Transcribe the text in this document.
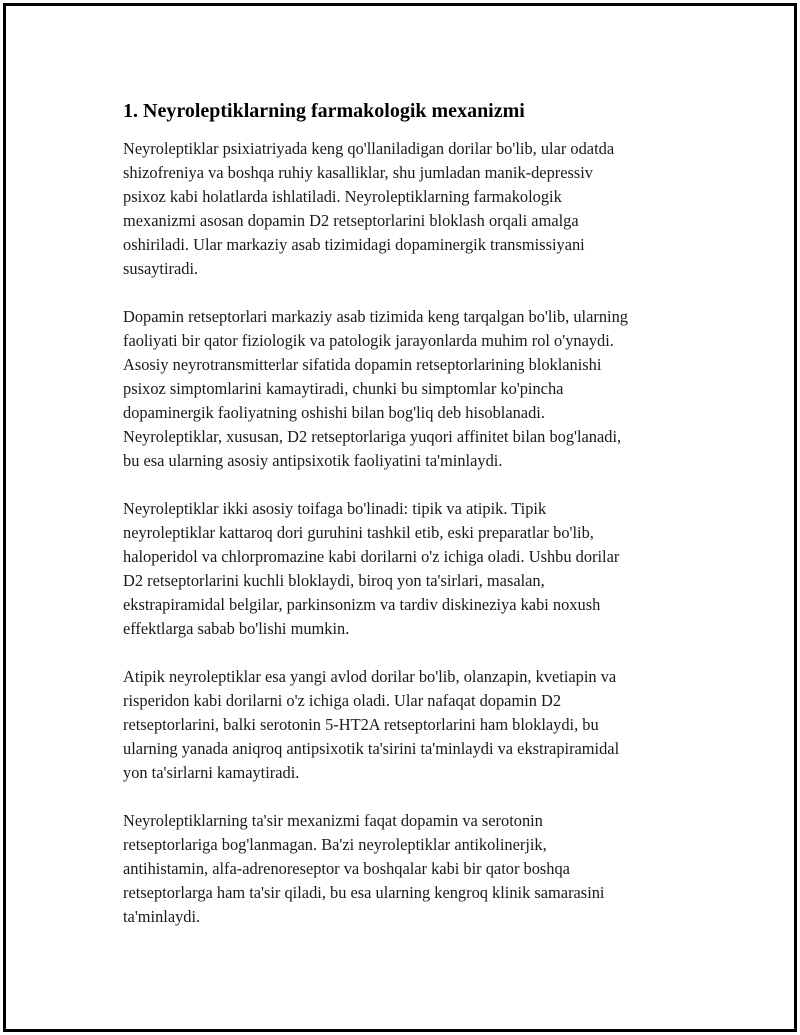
1. Neyroleptiklarning farmakologik mexanizmi

Neyroleptiklar psixiatriyada keng qo'llaniladigan dorilar bo'lib, ular odatda
shizofreniya va boshqa ruhiy kasalliklar, shu jumladan manik-depressiv
psixoz kabi holatlarda ishlatiladi. Neyroleptiklarning farmakologik
mexanizmi asosan dopamin D2 retseptorlarini bloklash orqali amalga
oshiriladi. Ular markaziy asab tizimidagi dopaminergik transmissiyani
susaytiradi.

Dopamin retseptorlari markaziy asab tizimida keng tarqalgan bo'lib, ularning
faoliyati bir qator fiziologik va patologik jarayonlarda muhim rol o'ynaydi.
Asosiy neyrotransmitterlar sifatida dopamin retseptorlarining bloklanishi
psixoz simptomlarini kamaytiradi, chunki bu simptomlar ko'pincha
dopaminergik faoliyatning oshishi bilan bog'liq deb hisoblanadi.
Neyroleptiklar, xususan, D2 retseptorlariga yuqori affinitet bilan bog'lanadi,
bu esa ularning asosiy antipsixotik faoliyatini ta'minlaydi.

Neyroleptiklar ikki asosiy toifaga bo'linadi: tipik va atipik. Tipik
neyroleptiklar kattaroq dori guruhini tashkil etib, eski preparatlar bo'lib,
haloperidol va chlorpromazine kabi dorilarni o'z ichiga oladi. Ushbu dorilar
D2 retseptorlarini kuchli bloklaydi, biroq yon ta'sirlari, masalan,
ekstrapiramidal belgilar, parkinsonizm va tardiv diskineziya kabi noxush
effektlarga sabab bo'lishi mumkin.

Atipik neyroleptiklar esa yangi avlod dorilar bo'lib, olanzapin, kvetiapin va
risperidon kabi dorilarni o'z ichiga oladi. Ular nafaqat dopamin D2
retseptorlarini, balki serotonin 5-HT2A retseptorlarini ham bloklaydi, bu
ularning yanada aniqroq antipsixotik ta'sirini ta'minlaydi va ekstrapiramidal
yon ta'sirlarni kamaytiradi.

Neyroleptiklarning ta'sir mexanizmi faqat dopamin va serotonin
retseptorlariga bog'lanmagan. Ba'zi neyroleptiklar antikolinerjik,
antihistamin, alfa-adrenoreseptor va boshqalar kabi bir qator boshqa
retseptorlarga ham ta'sir qiladi, bu esa ularning kengroq klinik samarasini
ta'minlaydi.
